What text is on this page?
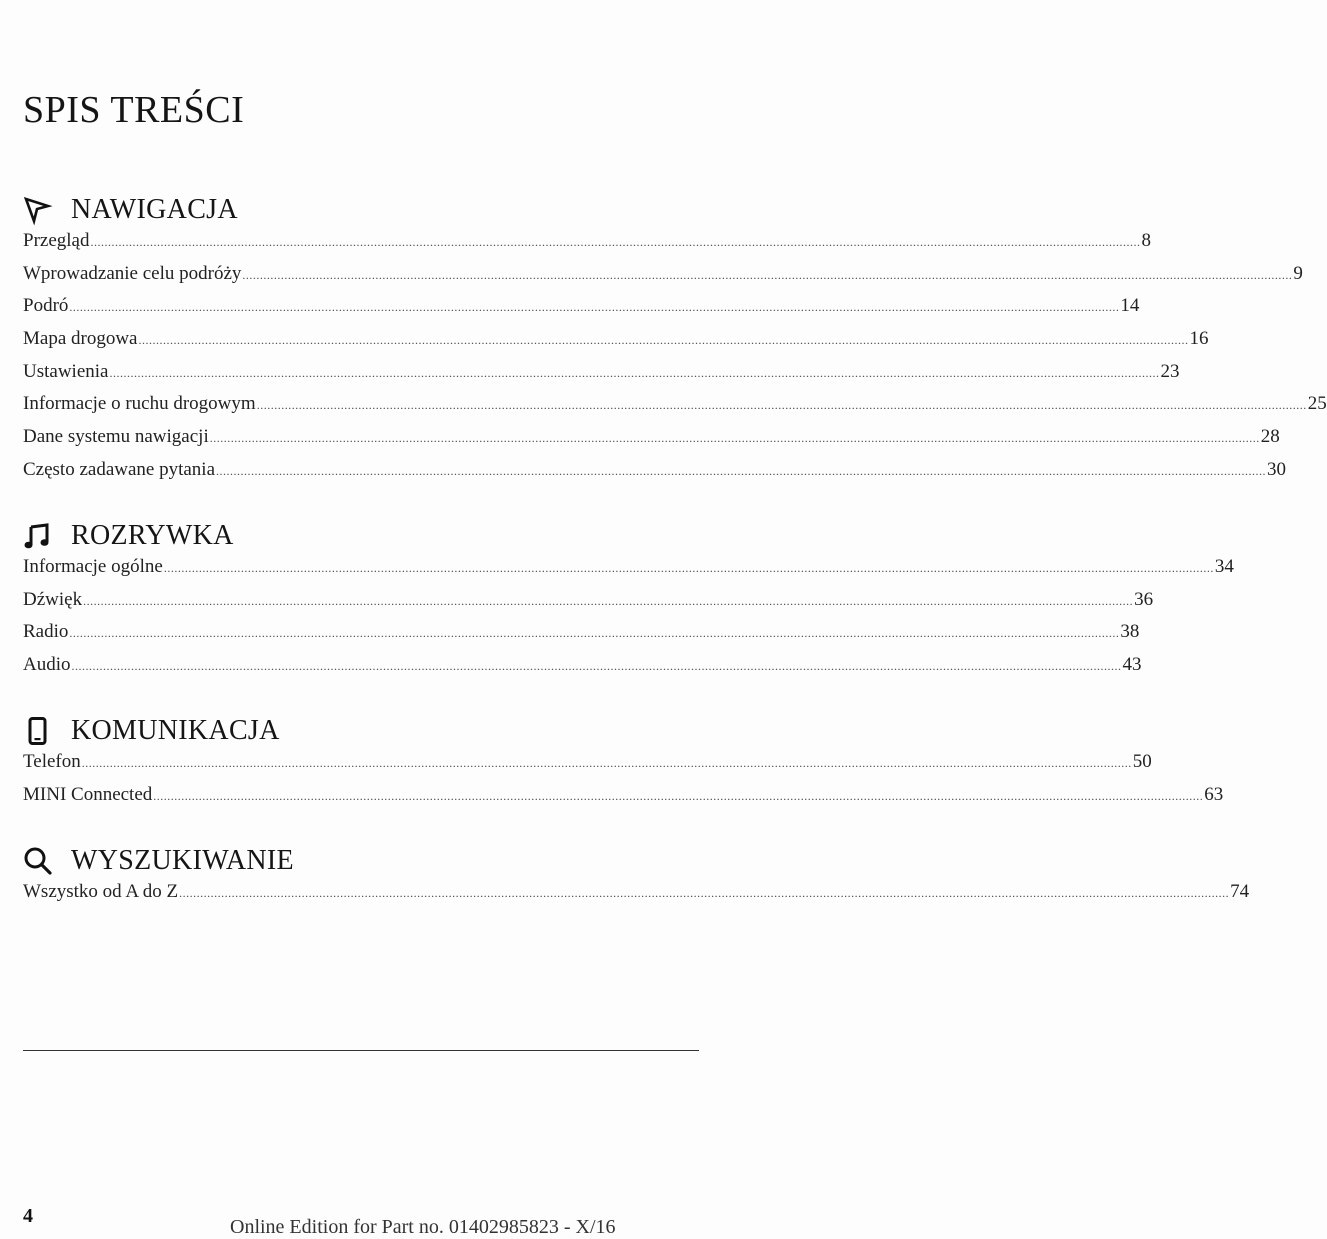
SPIS TREŚCI
NAWIGACJA
Przegląd ............................................................................................................................................................................................................................................................................................................ 8
Wprowadzanie celu podróży ............................................................................................................................................................................................................................................................................................................ 9
Podró ............................................................................................................................................................................................................................................................................................................ 14
Mapa drogowa ............................................................................................................................................................................................................................................................................................................ 16
Ustawienia ............................................................................................................................................................................................................................................................................................................ 23
Informacje o ruchu drogowym ............................................................................................................................................................................................................................................................................................................ 25
Dane systemu nawigacji ............................................................................................................................................................................................................................................................................................................ 28
Często zadawane pytania ............................................................................................................................................................................................................................................................................................................ 30
ROZRYWKA
Informacje ogólne ............................................................................................................................................................................................................................................................................................................ 34
Dźwięk ............................................................................................................................................................................................................................................................................................................ 36
Radio ............................................................................................................................................................................................................................................................................................................ 38
Audio ............................................................................................................................................................................................................................................................................................................ 43
KOMUNIKACJA
Telefon ............................................................................................................................................................................................................................................................................................................ 50
MINI Connected ............................................................................................................................................................................................................................................................................................................ 63
WYSZUKIWANIE
Wszystko od A do Z ............................................................................................................................................................................................................................................................................................................ 74
4	Online Edition for Part no. 01402985823 - X/16
